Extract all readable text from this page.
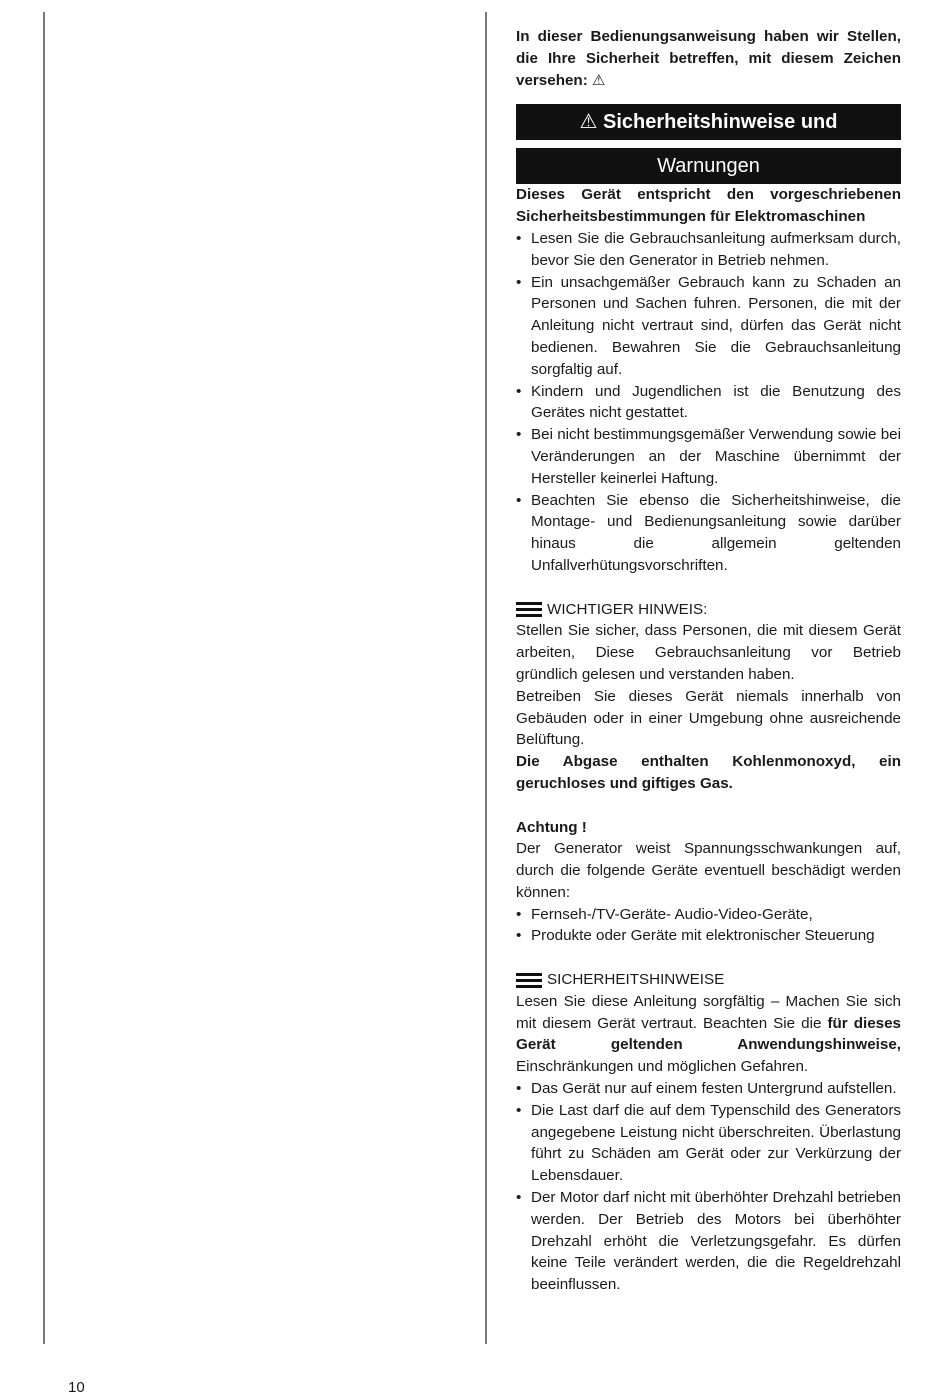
In dieser Bedienungsanweisung haben wir Stellen, die Ihre Sicherheit betreffen, mit diesem Zeichen versehen: ⚠

⚠ Sicherheitshinweise und
Warnungen

Dieses Gerät entspricht den vorgeschriebenen Sicherheitsbestimmungen für Elektromaschinen

• Lesen Sie die Gebrauchsanleitung aufmerksam durch, bevor Sie den Generator in Betrieb nehmen.
• Ein unsachgemäßer Gebrauch kann zu Schaden an Personen und Sachen fuhren. Personen, die mit der Anleitung nicht vertraut sind, dürfen das Gerät nicht bedienen. Bewahren Sie die Gebrauchsanleitung sorgfaltig auf.
• Kindern und Jugendlichen ist die Benutzung des Gerätes nicht gestattet.
• Bei nicht bestimmungsgemäßer Verwendung sowie bei Veränderungen an der Maschine übernimmt der Hersteller keinerlei Haftung.
• Beachten Sie ebenso die Sicherheitshinweise, die Montage- und Bedienungsanleitung sowie darüber hinaus die allgemein geltenden Unfallverhütungsvorschriften.
WICHTIGER HINWEIS:

Stellen Sie sicher, dass Personen, die mit diesem Gerät arbeiten, Diese Gebrauchsanleitung vor Betrieb gründlich gelesen und verstanden haben.

Betreiben Sie dieses Gerät niemals innerhalb von Gebäuden oder in einer Umgebung ohne ausreichende Belüftung.

Die Abgase enthalten Kohlenmonoxyd, ein geruchloses und giftiges Gas.

Achtung !

Der Generator weist Spannungsschwankungen auf, durch die folgende Geräte eventuell beschädigt werden können:

• Fernseh-/TV-Geräte- Audio-Video-Geräte,
• Produkte oder Geräte mit elektronischer Steuerung
SICHERHEITSHINWEISE

Lesen Sie diese Anleitung sorgfältig – Machen Sie sich mit diesem Gerät vertraut. Beachten Sie die für dieses Gerät geltenden Anwendungshinweise, Einschränkungen und möglichen Gefahren.

• Das Gerät nur auf einem festen Untergrund aufstellen.
• Die Last darf die auf dem Typenschild des Generators angegebene Leistung nicht überschreiten. Überlastung führt zu Schäden am Gerät oder zur Verkürzung der Lebensdauer.
• Der Motor darf nicht mit überhöhter Drehzahl betrieben werden. Der Betrieb des Motors bei überhöhter Drehzahl erhöht die Verletzungsgefahr. Es dürfen keine Teile verändert werden, die die Regeldrehzahl beeinflussen.
10
